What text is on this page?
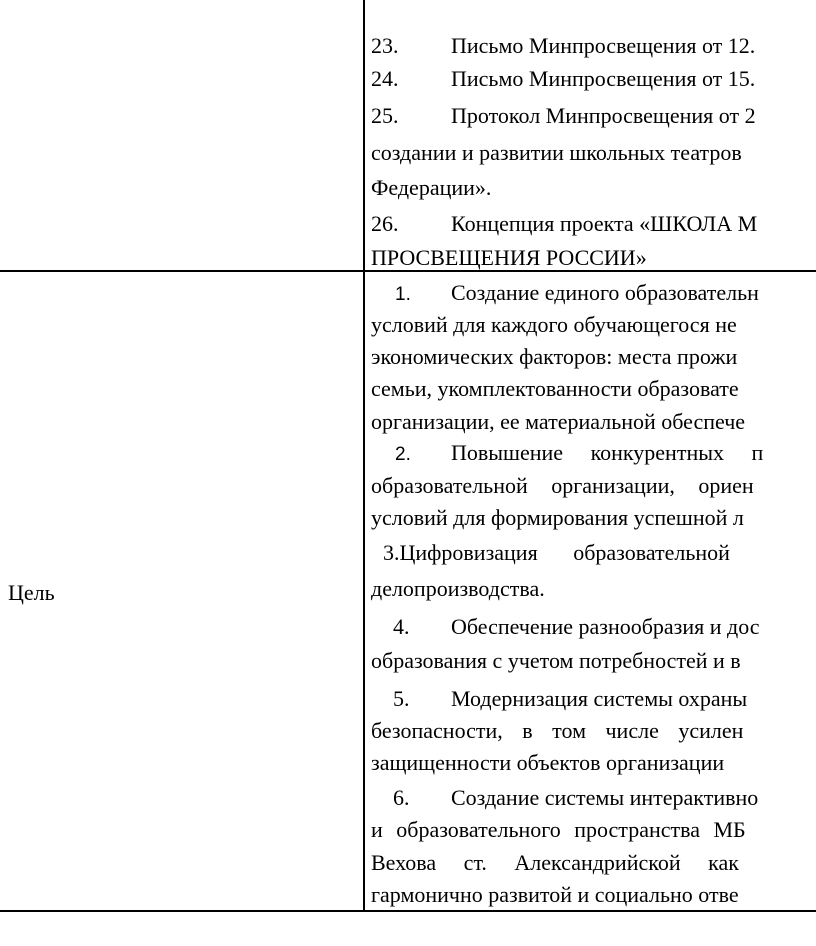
Цель
23. Письмо Минпросвещения от 12.
24. Письмо Минпросвещения от 15.
25. Протокол Минпросвещения от 2
создании и развитии школьных театров
Федерации».
26. Концепция проекта «ШКОЛА М
ПРОСВЕЩЕНИЯ РОССИИ»
1. Создание единого образовательн
условий для каждого обучающегося не
экономических факторов: места прожи
семьи, укомплектованности образовате
организации, ее материальной обеспече
2. Повышение конкурентных п
образовательной организации, ориен
условий для формирования успешной л
3.Цифровизация образовательной
делопроизводства.
4. Обеспечение разнообразия и дос
образования с учетом потребностей и в
5. Модернизация системы охраны
безопасности, в том числе усилен
защищенности объектов организации
6. Создание системы интерактивно
и образовательного пространства МБ
Вехова ст. Александрийской как
гармонично развитой и социально отве
